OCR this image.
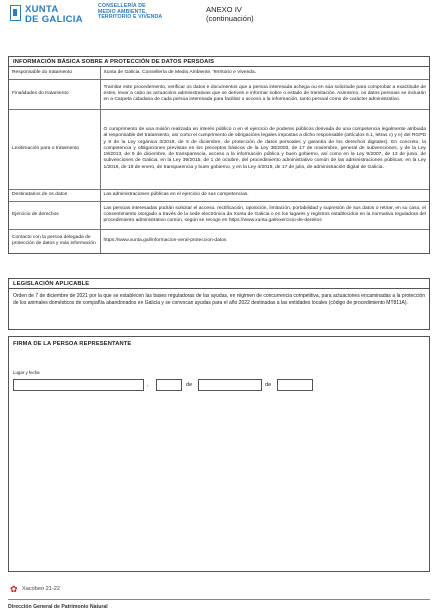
XUNTA
DE GALICIA
CONSELLERÍA DE
MEDIO AMBIENTE,
TERRITORIO E VIVENDA
ANEXO IV
(continuación)
INFORMACIÓN BÁSICA SOBRE A PROTECCIÓN DE DATOS PERSOAIS
Responsable do tratamento	Xunta de Galicia. Consellería de Medio Ambiente, Territorio e Vivenda.
Finalidades do tratamento	Tramitar este procedemento, verificar os datos e documentos que a persoa interesada achega ou en súa solicitude para comprobar a exactitude de estes, levar a cabo as actuacións administrativas que se deriven e informar sobre o estado de tramitación. Asimismo, os datos persoais se incluirán en a Carpeta cidadana de cada persoa interesada para facilitar o acceso a la información, tanto persoal como de carácter administrativo.
Lexitimación para o tratamento	O cumprimento de una misión realizada en interés público o en el ejercicio de poderes públicos derivada de una competencia legalmente atribuida al responsable del tratamiento, así como el cumprimento de obrigacións legales impostas a dicho responsable (artículos 6.1, letras c) y e) del RGPD y 8 de la Ley orgánica 3/2018, de 5 de diciembre, de protección de datos persoales y garantía de los derechos digitales). En concreto, la competencia y obligaciones previstas en los preceptos básicos de la Ley 38/2003, de 17 de noviembre, general de subvenciones, y de la Ley 19/2013, de 9 de diciembre, de transparencia, acceso a la información pública y buen gobierno, así como en la Ley 9/2007, de 13 de junio, de subvenciones de Galicia, en la Ley 39/2015, de 1 de octubre, del procedimiento administrativo común de las administraciones públicas, en la Ley 1/2016, de 18 de enero, de transparencia y buen gobierno, y en la Ley 4/2019, de 17 de julio, de administración digital de Galicia.
Destinatarios de os datos	Las administraciones públicas en el ejercicio de sus competencias.
Ejercicio de derechos	Las persoas interesadas podrán solicitar el acceso, rectificación, oposición, limitación, portabilidad y supresión de sus datos o retirar, en su caso, el consentimiento otorgado a través de la sede electrónica da Xunta de Galicia o en los lugares y registros establecidos en la normativa reguladora del procedimiento administrativo común, según se recoge en https://www.xunta.gal/exercicio-de-dereitos
Contacto con la persoa delegada de protección de datos y más información	https://www.xunta.gal/informacion-xeral-proteccion-datos
LEGISLACIÓN APLICABLE
Orden de 7 de diciembre de 2021 por la que se establecen las bases reguladoras de las ayudas, en régimen de concurrencia competitiva, para actuaciones encaminadas a la protección de los animales domésticos de compañía abandonados en Galicia y se convocan ayudas para el año 2022 destinadas a las entidades locales (código de procedimiento MT811A).
FIRMA DE LA PERSOA REPRESENTANTE
Lugar y fecha
,	de	de
✿ Xacobeo 21-22
Dirección General de Patrimonio Natural
